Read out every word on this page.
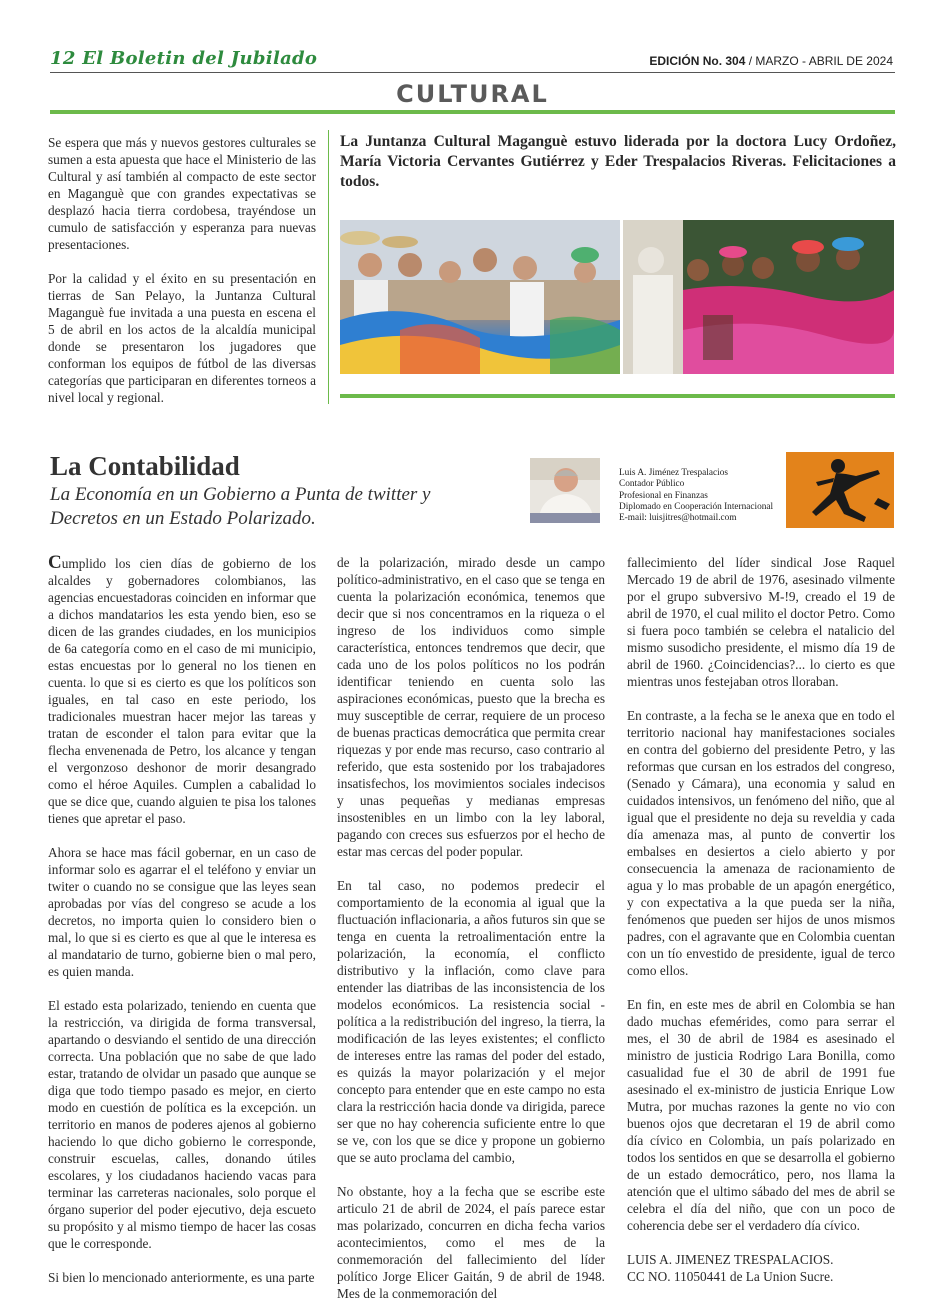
12 El Boletin del Jubilado	EDICIÓN No. 304 / MARZO - ABRIL DE 2024
CULTURAL

Se espera que más y nuevos gestores culturales se sumen a esta apuesta que hace el Ministerio de las Cultural y así también al compacto de este sector en Maganguè que con grandes expectativas se desplazó hacia tierra cordobesa, trayéndose un cumulo de satisfacción y esperanza para nuevas presentaciones.

Por la calidad y el éxito en su presentación en tierras de San Pelayo, la Juntanza Cultural Maganguè fue invitada a una puesta en escena el 5 de abril en los actos de la alcaldía municipal donde se presentaron los jugadores que conforman los equipos de fútbol de las diversas categorías que participaran en diferentes torneos a nivel local y regional.

La Juntanza Cultural Maganguè estuvo liderada por la doctora Lucy Ordoñez, María Victoria Cervantes Gutiérrez y Eder Trespalacios Riveras. Felicitaciones a todos.
La Contabilidad
La Economía en un Gobierno a Punta de twitter y Decretos en un Estado Polarizado.
Luis A. Jiménez Trespalacios
Contador Público
Profesional en Finanzas
Diplomado en Cooperación Internacional
E-mail: luisjitres@hotmail.com

Cumplido los cien días de gobierno de los alcaldes y gobernadores colombianos, las agencias encuestadoras coinciden en informar que a dichos mandatarios les esta yendo bien, eso se dicen de las grandes ciudades, en los municipios de 6a categoría como en el caso de mi municipio, estas encuestas por lo general no los tienen en cuenta. lo que si es cierto es que los políticos son iguales, en tal caso en este periodo, los tradicionales muestran hacer mejor las tareas y tratan de esconder el talon para evitar que la flecha envenenada de Petro, los alcance y tengan el vergonzoso deshonor de morir desangrado como el héroe Aquiles. Cumplen a cabalidad lo que se dice que, cuando alguien te pisa los talones tienes que apretar el paso.

Ahora se hace mas fácil gobernar, en un caso de informar solo es agarrar el el teléfono y enviar un twiter o cuando no se consigue que las leyes sean aprobadas por vías del congreso se acude a los decretos, no importa quien lo considero bien o mal, lo que si es cierto es que al que le interesa es al mandatario de turno, gobierne bien o mal pero, es quien manda.

El estado esta polarizado, teniendo en cuenta que la restricción, va dirigida de forma transversal, apartando o desviando el sentido de una dirección correcta. Una población que no sabe de que lado estar, tratando de olvidar un pasado que aunque se diga que todo tiempo pasado es mejor, en cierto modo en cuestión de política es la excepción. un territorio en manos de poderes ajenos al gobierno haciendo lo que dicho gobierno le corresponde, construir escuelas, calles, donando útiles escolares, y los ciudadanos haciendo vacas para terminar las carreteras nacionales, solo porque el órgano superior del poder ejecutivo, deja escueto su propósito y al mismo tiempo de hacer las cosas que le corresponde.

Si bien lo mencionado anteriormente, es una parte

de la polarización, mirado desde un campo político-administrativo, en el caso que se tenga en cuenta la polarización económica, tenemos que decir que si nos concentramos en la riqueza o el ingreso de los individuos como simple característica, entonces tendremos que decir, que cada uno de los polos políticos no los podrán identificar teniendo en cuenta solo las aspiraciones económicas, puesto que la brecha es muy susceptible de cerrar, requiere de un proceso de buenas practicas democrática que permita crear riquezas y por ende mas recurso, caso contrario al referido, que esta sostenido por los trabajadores insatisfechos, los movimientos sociales indecisos y unas pequeñas y medianas empresas insostenibles en un limbo con la ley laboral, pagando con creces sus esfuerzos por el hecho de estar mas cercas del poder popular.

En tal caso, no podemos predecir el comportamiento de la economia al igual que la fluctuación inflacionaria, a años futuros sin que se tenga en cuenta la retroalimentación entre la polarización, la economía, el conflicto distributivo y la inflación, como clave para entender las diatribas de las inconsistencia de los modelos económicos. La resistencia social - política a la redistribución del ingreso, la tierra, la modificación de las leyes existentes; el conflicto de intereses entre las ramas del poder del estado, es quizás la mayor polarización y el mejor concepto para entender que en este campo no esta clara la restricción hacia donde va dirigida, parece ser que no hay coherencia suficiente entre lo que se ve, con los que se dice y propone un gobierno que se auto proclama del cambio,

No obstante, hoy a la fecha que se escribe este articulo 21 de abril de 2024, el país parece estar mas polarizado, concurren en dicha fecha varios acontecimientos, como el mes de la conmemoración del fallecimiento del líder político Jorge Elicer Gaitán, 9 de abril de 1948. Mes de la conmemoración del

fallecimiento del líder sindical Jose Raquel Mercado 19 de abril de 1976, asesinado vilmente por el grupo subversivo M-!9, creado el 19 de abril de 1970, el cual milito el doctor Petro. Como si fuera poco también se celebra el natalicio del mismo susodicho presidente, el mismo día 19 de abril de 1960. ¿Coincidencias?... lo cierto es que mientras unos festejaban otros lloraban.

En contraste, a la fecha se le anexa que en todo el territorio nacional hay manifestaciones sociales en contra del gobierno del presidente Petro, y las reformas que cursan en los estrados del congreso, (Senado y Cámara), una economia y salud en cuidados intensivos, un fenómeno del niño, que al igual que el presidente no deja su reveldia y cada día amenaza mas, al punto de convertir los embalses en desiertos a cielo abierto y por consecuencia la amenaza de racionamiento de agua y lo mas probable de un apagón energético, y con expectativa a la que pueda ser la niña, fenómenos que pueden ser hijos de unos mismos padres, con el agravante que en Colombia cuentan con un tío envestido de presidente, igual de terco como ellos.

En fin, en este mes de abril en Colombia se han dado muchas efemérides, como para serrar el mes, el 30 de abril de 1984 es asesinado el ministro de justicia Rodrigo Lara Bonilla, como casualidad fue el 30 de abril de 1991 fue asesinado el ex-ministro de justicia Enrique Low Mutra, por muchas razones la gente no vio con buenos ojos que decretaran el 19 de abril como día cívico en Colombia, un país polarizado en todos los sentidos en que se desarrolla el gobierno de un estado democrático, pero, nos llama la atención que el ultimo sábado del mes de abril se celebra el día del niño, que con un poco de coherencia debe ser el verdadero día cívico.

LUIS A. JIMENEZ TRESPALACIOS.

CC NO. 11050441 de La Union Sucre.
